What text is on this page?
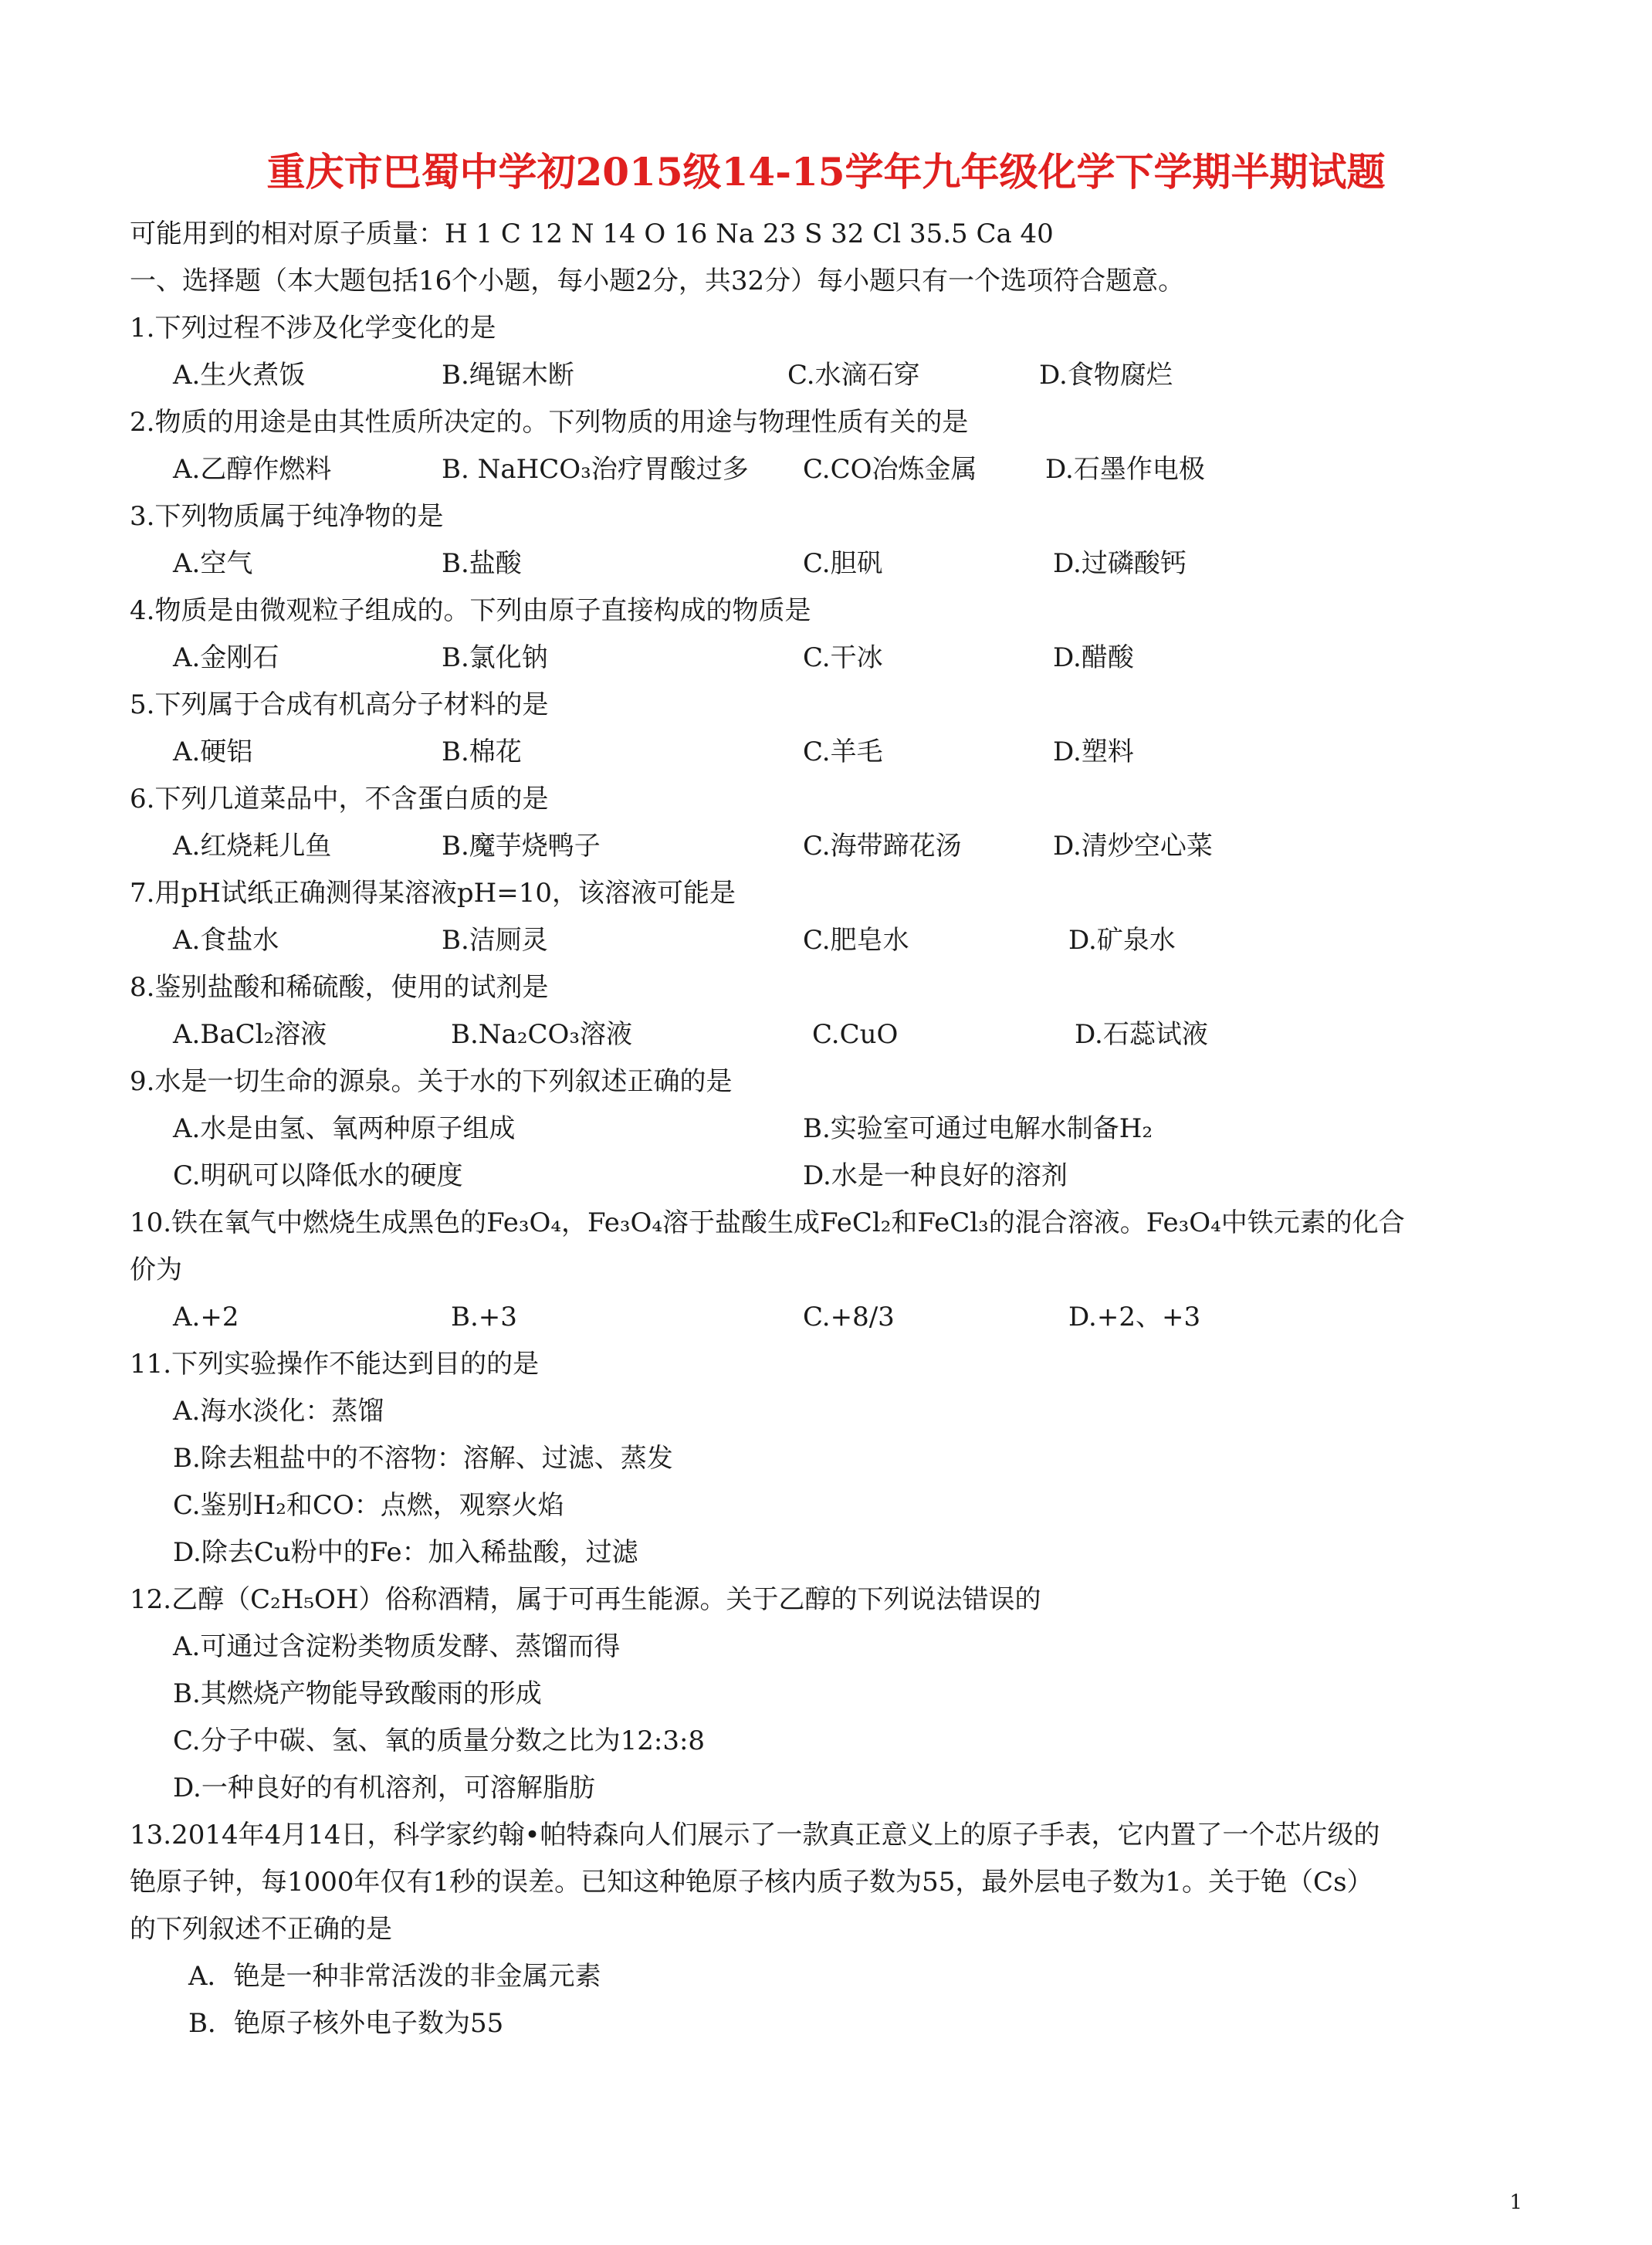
重庆市巴蜀中学初2015级14-15学年九年级化学下学期半期试题
可能用到的相对原子质量：H 1 C 12 N 14 O 16 Na 23 S 32 Cl 35.5 Ca 40
一、选择题（本大题包括16个小题，每小题2分，共32分）每小题只有一个选项符合题意。
1.下列过程不涉及化学变化的是
A.生火煮饭	B.绳锯木断	C.水滴石穿	D.食物腐烂
2.物质的用途是由其性质所决定的。下列物质的用途与物理性质有关的是
A.乙醇作燃料	B. NaHCO₃治疗胃酸过多 C.CO冶炼金属	D.石墨作电极
3.下列物质属于纯净物的是
A.空气	B.盐酸	C.胆矾	D.过磷酸钙
4.物质是由微观粒子组成的。下列由原子直接构成的物质是
A.金刚石	B.氯化钠	C.干冰	D.醋酸
5.下列属于合成有机高分子材料的是
A.硬铝	B.棉花	C.羊毛	D.塑料
6.下列几道菜品中，不含蛋白质的是
A.红烧耗儿鱼	B.魔芋烧鸭子	C.海带蹄花汤	D.清炒空心菜
7.用pH试纸正确测得某溶液pH=10，该溶液可能是
A.食盐水	B.洁厕灵	C.肥皂水	D.矿泉水
8.鉴别盐酸和稀硫酸，使用的试剂是
A.BaCl₂溶液	B.Na₂CO₃溶液	C.CuO	D.石蕊试液
9.水是一切生命的源泉。关于水的下列叙述正确的是
A.水是由氢、氧两种原子组成	B.实验室可通过电解水制备H₂
C.明矾可以降低水的硬度	D.水是一种良好的溶剂
10.铁在氧气中燃烧生成黑色的Fe₃O₄，Fe₃O₄溶于盐酸生成FeCl₂和FeCl₃的混合溶液。Fe₃O₄中铁元素的化合
价为
A.+2	B.+3	C.+8/3	D.+2、+3
11.下列实验操作不能达到目的的是
A.海水淡化：蒸馏
B.除去粗盐中的不溶物：溶解、过滤、蒸发
C.鉴别H₂和CO：点燃，观察火焰
D.除去Cu粉中的Fe：加入稀盐酸，过滤
12.乙醇（C₂H₅OH）俗称酒精，属于可再生能源。关于乙醇的下列说法错误的
A.可通过含淀粉类物质发酵、蒸馏而得
B.其燃烧产物能导致酸雨的形成
C.分子中碳、氢、氧的质量分数之比为12:3:8
D.一种良好的有机溶剂，可溶解脂肪
13.2014年4月14日，科学家约翰•帕特森向人们展示了一款真正意义上的原子手表，它内置了一个芯片级的
铯原子钟，每1000年仅有1秒的误差。已知这种铯原子核内质子数为55，最外层电子数为1。关于铯（Cs）
的下列叙述不正确的是
A．铯是一种非常活泼的非金属元素
B．铯原子核外电子数为55
1
